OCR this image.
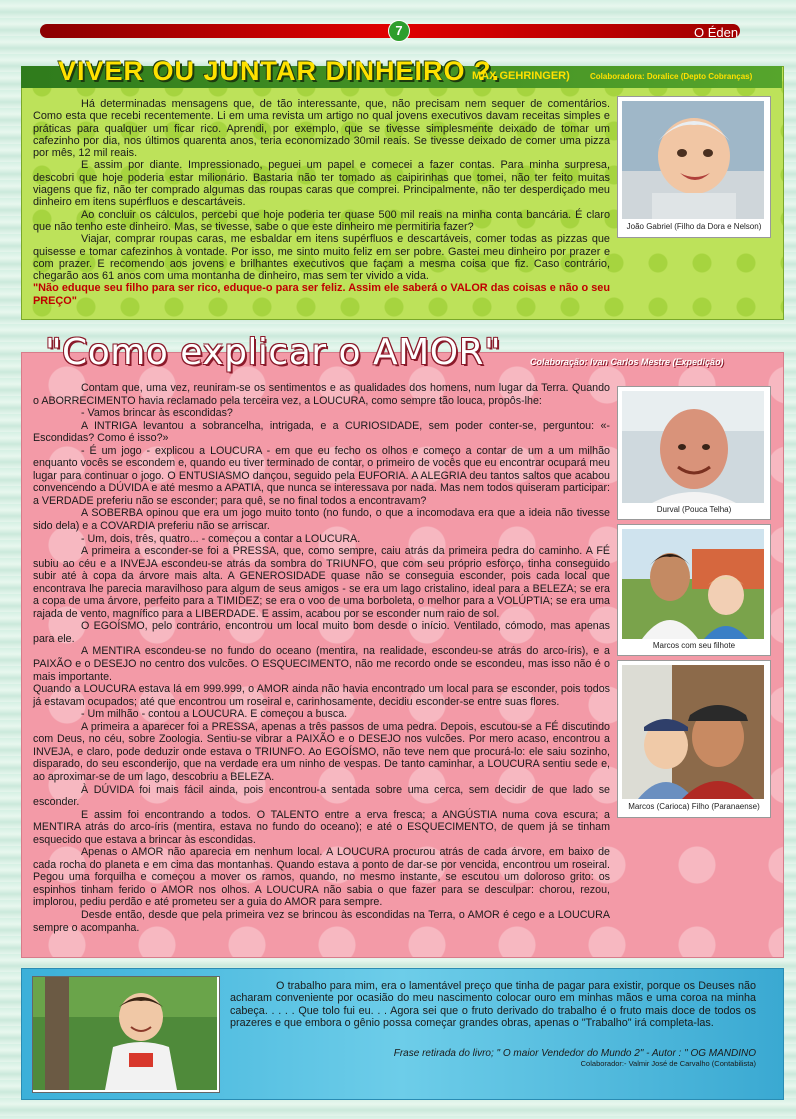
7	O Éden
VIVER OU JUNTAR DINHEIRO ?.
MAX GEHRINGER)	Colaboradora: Doralice (Depto Cobranças)

Há determinadas mensagens que, de tão interessante, que, não precisam nem sequer de comentários. Como esta que recebi recentemente. Li em uma revista um artigo no qual jovens executivos davam receitas simples e práticas para qualquer um ficar rico. Aprendi, por exemplo, que se tivesse simplesmente deixado de tomar um cafezinho por dia, nos últimos quarenta anos, teria economizado 30mil reais. Se tivesse deixado de comer uma pizza por mês, 12 mil reais.

E assim por diante. Impressionado, peguei um papel e comecei a fazer contas. Para minha surpresa, descobri que hoje poderia estar milionário. Bastaria não ter tomado as caipirinhas que tomei, não ter feito muitas viagens que fiz, não ter comprado algumas das roupas caras que comprei. Principalmente, não ter desperdiçado meu dinheiro em itens supérfluos e descartáveis.

Ao concluir os cálculos, percebi que hoje poderia ter quase 500 mil reais na minha conta bancária. É claro que não tenho este dinheiro. Mas, se tivesse, sabe o que este dinheiro me permitiria fazer?

Viajar, comprar roupas caras, me esbaldar em itens supérfluos e descartáveis, comer todas as pizzas que quisesse e tomar cafezinhos à vontade. Por isso, me sinto muito feliz em ser pobre. Gastei meu dinheiro por prazer e com prazer. E recomendo aos jovens e brilhantes executivos que façam a mesma coisa que fiz. Caso contrário, chegarão aos 61 anos com uma montanha de dinheiro, mas sem ter vivido a vida.

"Não eduque seu filho para ser rico, eduque-o para ser feliz. Assim ele saberá o VALOR das coisas e não o seu PREÇO"

João Gabriel (Filho da Dora e Nelson)
"Como explicar o AMOR"	Colaboração: Ivan Carlos Mestre (Expedição)

Contam que, uma vez, reuniram-se os sentimentos e as qualidades dos homens, num lugar da Terra. Quando o ABORRECIMENTO havia reclamado pela terceira vez, a LOUCURA, como sempre tão louca, propôs-lhe:

- Vamos brincar às escondidas?

A INTRIGA levantou a sobrancelha, intrigada, e a CURIOSIDADE, sem poder conter-se, perguntou: «- Escondidas? Como é isso?»

- É um jogo - explicou a LOUCURA - em que eu fecho os olhos e começo a contar de um a um milhão enquanto vocês se escondem e, quando eu tiver terminado de contar, o primeiro de vocês que eu encontrar ocupará meu lugar para continuar o jogo. O ENTUSIASMO dançou, seguido pela EUFORIA. A ALEGRIA deu tantos saltos que acabou convencendo a DÚVIDA e até mesmo a APATIA, que nunca se interessava por nada. Mas nem todos quiseram participar: a VERDADE preferiu não se esconder; para quê, se no final todos a encontravam?

A SOBERBA opinou que era um jogo muito tonto (no fundo, o que a incomodava era que a ideia não tivesse sido dela) e a COVARDIA preferiu não se arriscar.

- Um, dois, três, quatro... - começou a contar a LOUCURA.

A primeira a esconder-se foi a PRESSA, que, como sempre, caiu atrás da primeira pedra do caminho. A FÉ subiu ao céu e a INVEJA escondeu-se atrás da sombra do TRIUNFO, que com seu próprio esforço, tinha conseguido subir até à copa da árvore mais alta. A GENEROSIDADE quase não se conseguia esconder, pois cada local que encontrava lhe parecia maravilhoso para algum de seus amigos - se era um lago cristalino, ideal para a BELEZA; se era a copa de uma árvore, perfeito para a TIMIDEZ; se era o voo de uma borboleta, o melhor para a VOLÚPTIA; se era uma rajada de vento, magnífico para a LIBERDADE. E assim, acabou por se esconder num raio de sol.

O EGOÍSMO, pelo contrário, encontrou um local muito bom desde o início. Ventilado, cómodo, mas apenas para ele.

A MENTIRA escondeu-se no fundo do oceano (mentira, na realidade, escondeu-se atrás do arco-íris), e a PAIXÃO e o DESEJO no centro dos vulcões. O ESQUECIMENTO, não me recordo onde se escondeu, mas isso não é o mais importante.

Quando a LOUCURA estava lá em 999.999, o AMOR ainda não havia encontrado um local para se esconder, pois todos já estavam ocupados; até que encontrou um roseiral e, carinhosamente, decidiu esconder-se entre suas flores.

- Um milhão - contou a LOUCURA. E começou a busca.

A primeira a aparecer foi a PRESSA, apenas a três passos de uma pedra. Depois, escutou-se a FÉ discutindo com Deus, no céu, sobre Zoologia. Sentiu-se vibrar a PAIXÃO e o DESEJO nos vulcões. Por mero acaso, encontrou a INVEJA, e claro, pode deduzir onde estava o TRIUNFO. Ao EGOÍSMO, não teve nem que procurá-lo: ele saiu sozinho, disparado, do seu esconderijo, que na verdade era um ninho de vespas. De tanto caminhar, a LOUCURA sentiu sede e, ao aproximar-se de um lago, descobriu a BELEZA.

À DÚVIDA foi mais fácil ainda, pois encontrou-a sentada sobre uma cerca, sem decidir de que lado se esconder.

E assim foi encontrando a todos. O TALENTO entre a erva fresca; a ANGÚSTIA numa cova escura; a MENTIRA atrás do arco-íris (mentira, estava no fundo do oceano); e até o ESQUECIMENTO, de quem já se tinham esquecido que estava a brincar às escondidas.

Apenas o AMOR não aparecia em nenhum local. A LOUCURA procurou atrás de cada árvore, em baixo de cada rocha do planeta e em cima das montanhas. Quando estava a ponto de dar-se por vencida, encontrou um roseiral. Pegou uma forquilha e começou a mover os ramos, quando, no mesmo instante, se escutou um doloroso grito: os espinhos tinham ferido o AMOR nos olhos. A LOUCURA não sabia o que fazer para se desculpar: chorou, rezou, implorou, pediu perdão e até prometeu ser a guia do AMOR para sempre.

Desde então, desde que pela primeira vez se brincou às escondidas na Terra, o AMOR é cego e a LOUCURA sempre o acompanha.

Durval (Pouca Telha)
Marcos com seu filhote
Marcos (Carioca) Filho (Paranaense)

O trabalho para mim, era o lamentável preço que tinha de pagar para existir, porque os Deuses não acharam conveniente por ocasião do meu nascimento colocar ouro em minhas mãos e uma coroa na minha cabeça. . . . . Que tolo fui eu. . . Agora sei que o fruto derivado do trabalho é o fruto mais doce de todos os prazeres e que embora o gênio possa começar grandes obras, apenas o "Trabalho" irá completa-las.

Frase retirada do livro; " O maior Vendedor do Mundo 2" - Autor : " OG MANDINO
Colaborador:- Valmir José de Carvalho (Contabilista)
